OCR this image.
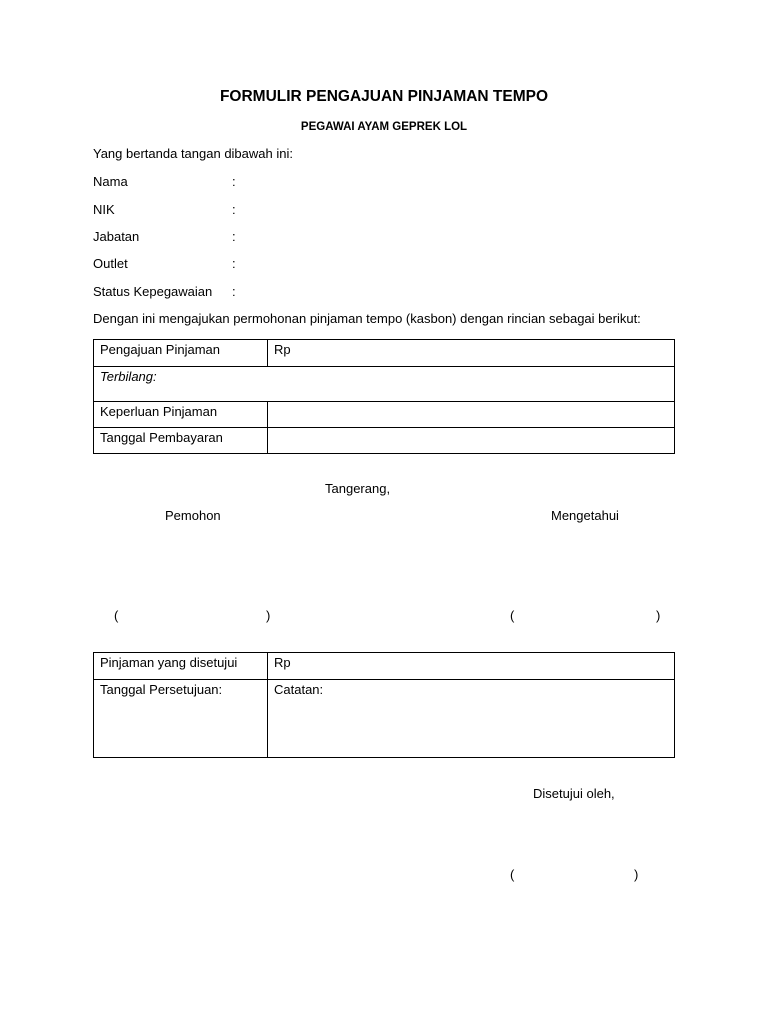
FORMULIR PENGAJUAN PINJAMAN TEMPO
PEGAWAI AYAM GEPREK LOL
Yang bertanda tangan dibawah ini:
Nama	:
NIK	:
Jabatan	:
Outlet	:
Status Kepegawaian :
Dengan ini mengajukan permohonan pinjaman tempo (kasbon) dengan rincian sebagai berikut:
Pengajuan Pinjaman	Rp
Terbilang:	
Keperluan Pinjaman	
Tanggal Pembayaran	
Tangerang,
Pemohon	Mengetahui
(	)	(	)
Pinjaman yang disetujui	Rp
Tanggal Persetujuan:	Catatan:
Disetujui oleh,
(	)
